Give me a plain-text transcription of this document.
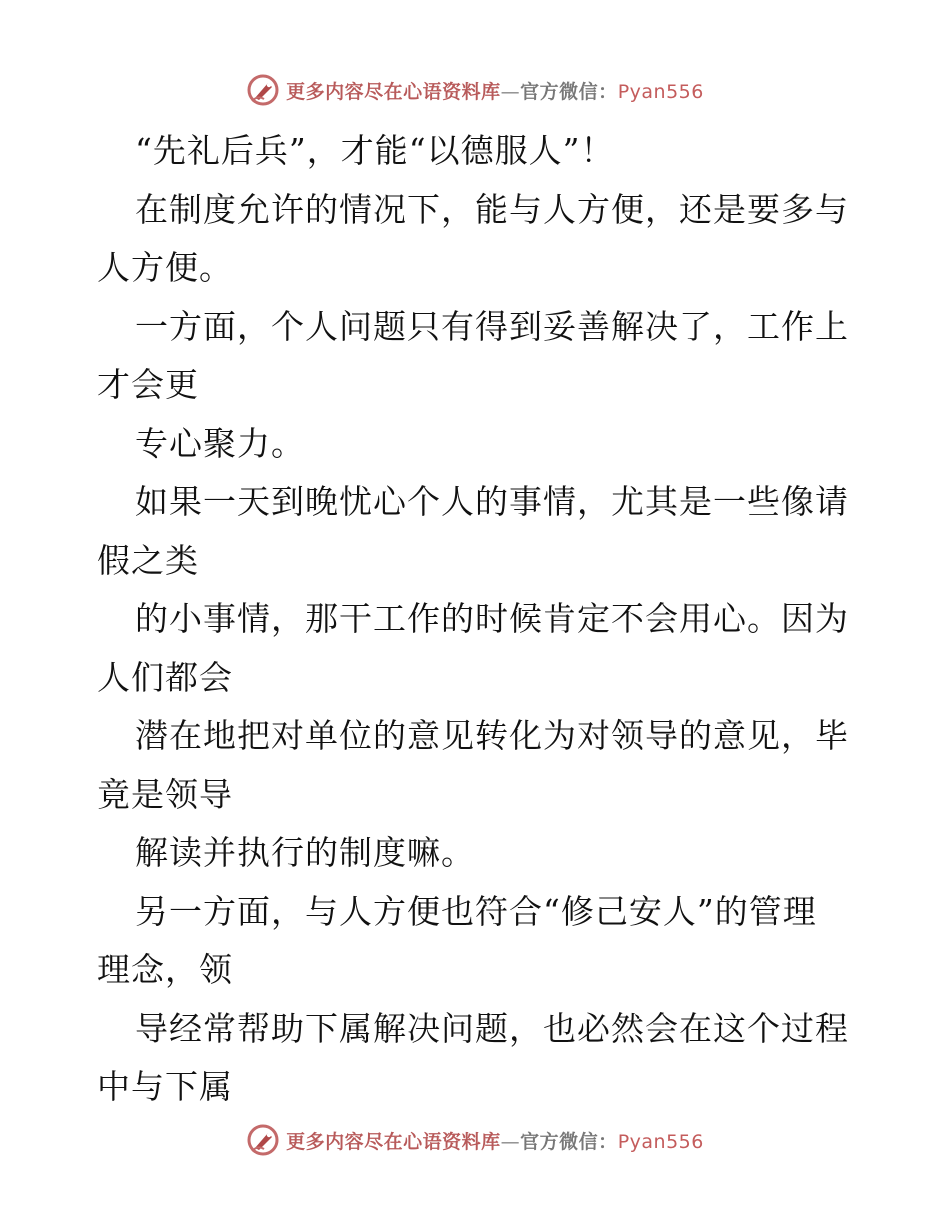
更多内容尽在心语资料库—官方微信：Pyan556
“先礼后兵”，才能“以德服人”！
在制度允许的情况下，能与人方便，还是要多与
人方便。
一方面，个人问题只有得到妥善解决了，工作上
才会更
专心聚力。
如果一天到晚忧心个人的事情，尤其是一些像请
假之类
的小事情，那干工作的时候肯定不会用心。因为
人们都会
潜在地把对单位的意见转化为对领导的意见，毕
竟是领导
解读并执行的制度嘛。
另一方面，与人方便也符合“修己安人”的管理
理念，领
导经常帮助下属解决问题，也必然会在这个过程
中与下属
更多内容尽在心语资料库—官方微信：Pyan556
